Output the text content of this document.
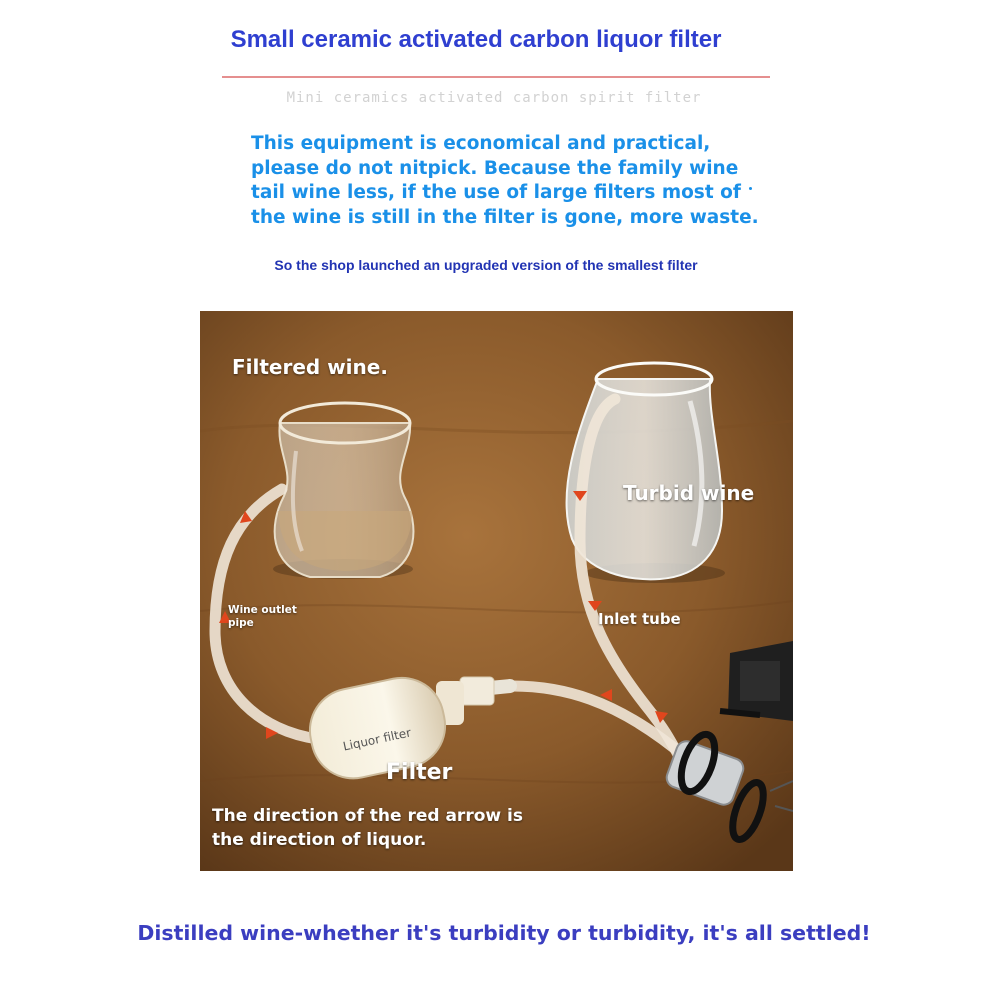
Small ceramic activated carbon liquor filter
Mini ceramics activated carbon spirit filter
This equipment is economical and practical,
please do not nitpick. Because the family wine
tail wine less, if the use of large filters most of
the wine is still in the filter is gone, more waste.
So the shop launched an upgraded version of the smallest filter
Liquor filter
Filtered wine.
Turbid wine
Wine outlet
pipe	Inlet tube
Filter
The direction of the red arrow is
the direction of liquor.
Distilled wine-whether it's turbidity or turbidity, it's all settled!
